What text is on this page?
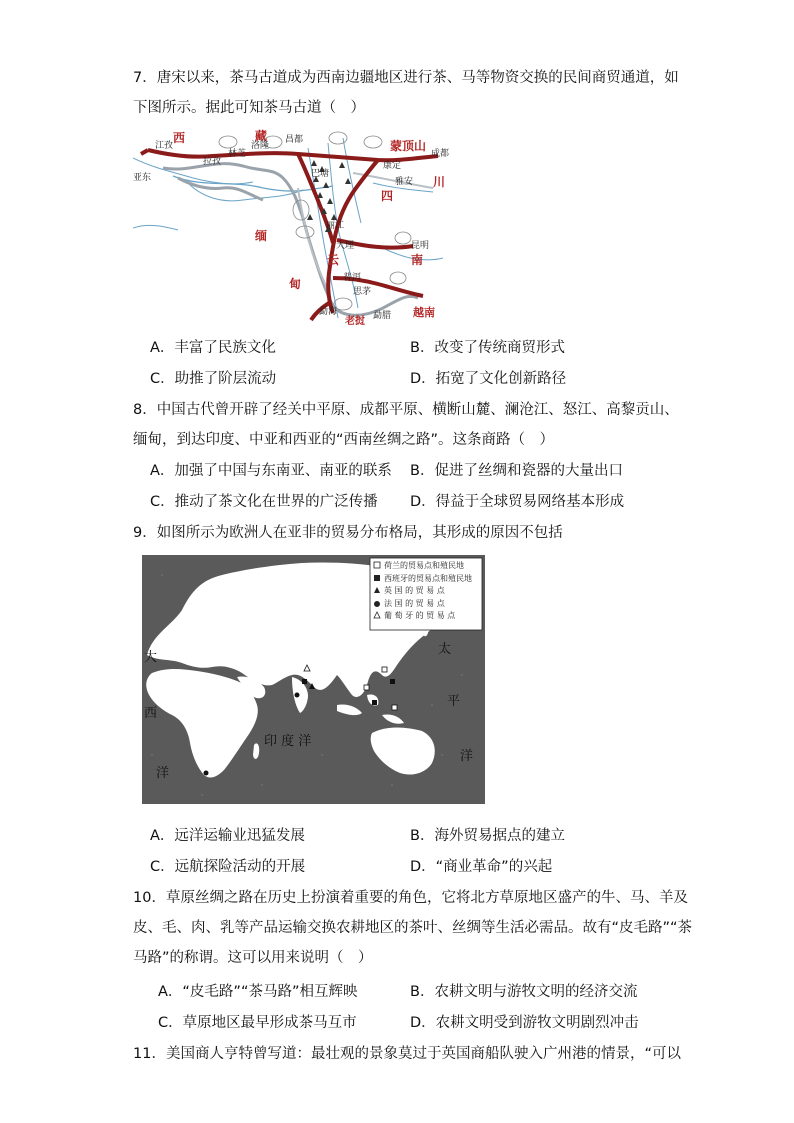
7．唐宋以来，茶马古道成为西南边疆地区进行茶、马等物资交换的民间商贸通道，如
下图所示。据此可知茶马古道（　）
西	藏
江孜
亚东
拉孜
林芝
洛隆
昌都	蒙顶山
成都
康定
雅安 川
四
缅
甸
云	南
昆明
普洱
思茅
老挝
越南
勐腊
大理
巴塘
丽江
勐海
A．丰富了民族文化	B．改变了传统商贸形式
C．助推了阶层流动	D．拓宽了文化创新路径
8．中国古代曾开辟了经关中平原、成都平原、横断山麓、澜沧江、怒江、高黎贡山、
缅甸，到达印度、中亚和西亚的“西南丝绸之路”。这条商路（　）
A．加强了中国与东南亚、南亚的联系 B．促进了丝绸和瓷器的大量出口
C．推动了茶文化在世界的广泛传播 D．得益于全球贸易网络基本形成
9．如图所示为欧洲人在亚非的贸易分布格局，其形成的原因不包括
荷兰的贸易点和殖民地
西班牙的贸易点和殖民地
英 国 的 贸 易 点
法 国 的 贸 易 点
葡 萄 牙 的 贸 易 点
大
西
洋
太
平
洋
印 度 洋
A．远洋运输业迅猛发展	B．海外贸易据点的建立
C．远航探险活动的开展	D．“商业革命”的兴起
10．草原丝绸之路在历史上扮演着重要的角色，它将北方草原地区盛产的牛、马、羊及
皮、毛、肉、乳等产品运输交换农耕地区的茶叶、丝绸等生活必需品。故有“皮毛路”“茶
马路”的称谓。这可以用来说明（　）
A．“皮毛路”“茶马路”相互辉映	B．农耕文明与游牧文明的经济交流
C．草原地区最早形成茶马互市	D．农耕文明受到游牧文明剧烈冲击
11．美国商人亨特曾写道：最壮观的景象莫过于英国商船队驶入广州港的情景，“可以
